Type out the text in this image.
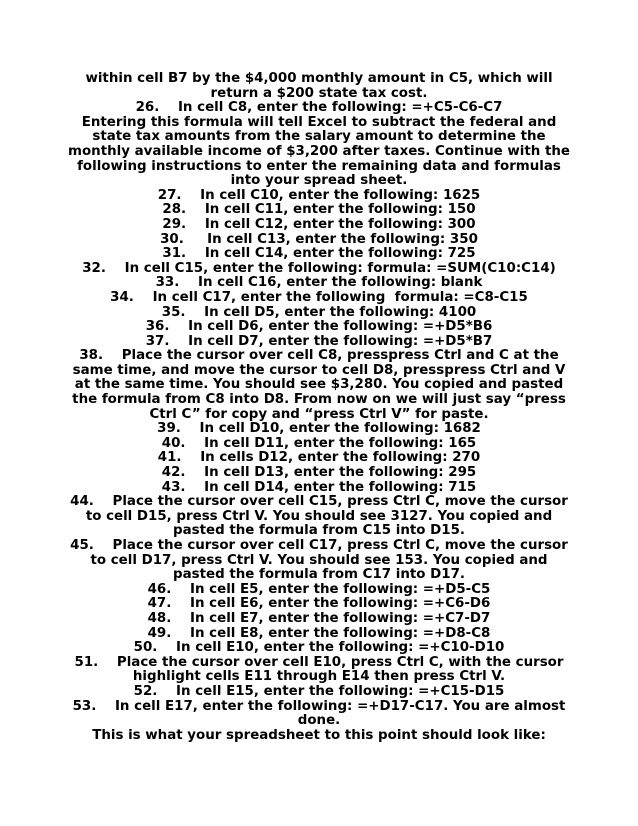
within cell B7 by the $4,000 monthly amount in C5, which will return a $200 state tax cost.

26. In cell C8, enter the following: =+C5-C6-C7

Entering this formula will tell Excel to subtract the federal and state tax amounts from the salary amount to determine the monthly available income of $3,200 after taxes. Continue with the following instructions to enter the remaining data and formulas into your spread sheet.

27. In cell C10, enter the following: 1625

28. In cell C11, enter the following: 150

29. In cell C12, enter the following: 300

30.     In cell C13, enter the following: 350

31. In cell C14, enter the following: 725

32. In cell C15, enter the following: formula: =SUM(C10:C14)

33. In cell C16, enter the following: blank

34. In cell C17, enter the following  formula: =C8-C15

35. In cell D5, enter the following: 4100

36. In cell D6, enter the following: =+D5*B6

37. In cell D7, enter the following: =+D5*B7

38. Place the cursor over cell C8, presspress Ctrl and C at the same time, and move the cursor to cell D8, presspress Ctrl and V at the same time. You should see $3,280. You copied and pasted the formula from C8 into D8. From now on we will just say “press Ctrl C” for copy and “press Ctrl V” for paste.

39. In cell D10, enter the following: 1682

40. In cell D11, enter the following: 165

41. In cells D12, enter the following: 270

42. In cell D13, enter the following: 295

43. In cell D14, enter the following: 715

44. Place the cursor over cell C15, press Ctrl C, move the cursor to cell D15, press Ctrl V. You should see 3127. You copied and pasted the formula from C15 into D15.

45. Place the cursor over cell C17, press Ctrl C, move the cursor to cell D17, press Ctrl V. You should see 153. You copied and pasted the formula from C17 into D17.

46. In cell E5, enter the following: =+D5-C5

47. In cell E6, enter the following: =+C6-D6

48. In cell E7, enter the following: =+C7-D7

49. In cell E8, enter the following: =+D8-C8

50. In cell E10, enter the following: =+C10-D10

51. Place the cursor over cell E10, press Ctrl C, with the cursor highlight cells E11 through E14 then press Ctrl V.

52. In cell E15, enter the following: =+C15-D15

53. In cell E17, enter the following: =+D17-C17. You are almost done.

This is what your spreadsheet to this point should look like:
